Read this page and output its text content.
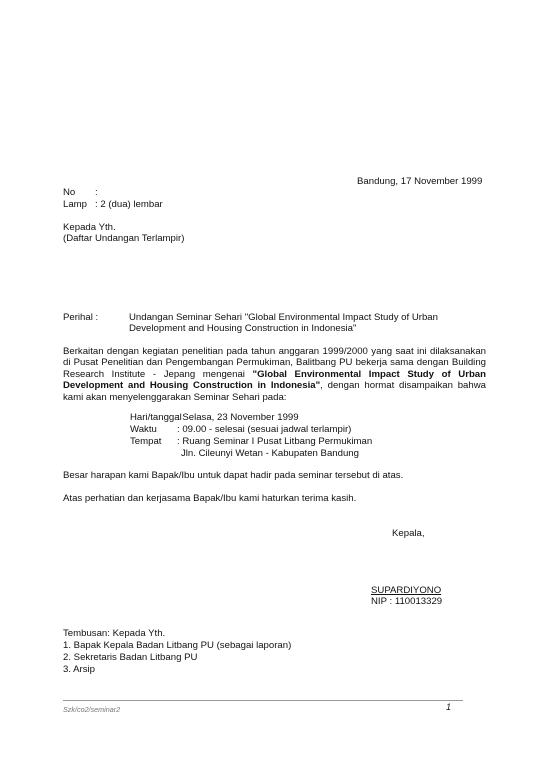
Bandung, 17 November 1999
No :
Lamp : 2 (dua) lembar
Kepada Yth.
(Daftar Undangan Terlampir)
Perihal :	Undangan Seminar Sehari "Global Environmental Impact Study of Urban
Development and Housing Construction in Indonesia"
Berkaitan dengan kegiatan penelitian pada tahun anggaran 1999/2000 yang saat ini dilaksanakan di Pusat Penelitian dan Pengembangan Permukiman, Balitbang PU bekerja sama dengan Building Research Institute - Jepang mengenai "Global Environmental Impact Study of Urban Development and Housing Construction in Indonesia", dengan hormat disampaikan bahwa kami akan menyelenggarakan Seminar Sehari pada:
Hari/tanggal: Selasa, 23 November 1999
Waktu : 09.00 - selesai (sesuai jadwal terlampir)
Tempat : Ruang Seminar I Pusat Litbang Permukiman
Jln. Cileunyi Wetan - Kabupaten Bandung
Besar harapan kami Bapak/Ibu untuk dapat hadir pada seminar tersebut di atas.
Atas perhatian dan kerjasama Bapak/Ibu kami haturkan terima kasih.
Kepala,
SUPARDIYONO
NIP : 110013329
Tembusan: Kepada Yth.
1. Bapak Kepala Badan Litbang PU (sebagai laporan)
2. Sekretaris Badan Litbang PU
3. Arsip
Szk/co2/seminar2	1
